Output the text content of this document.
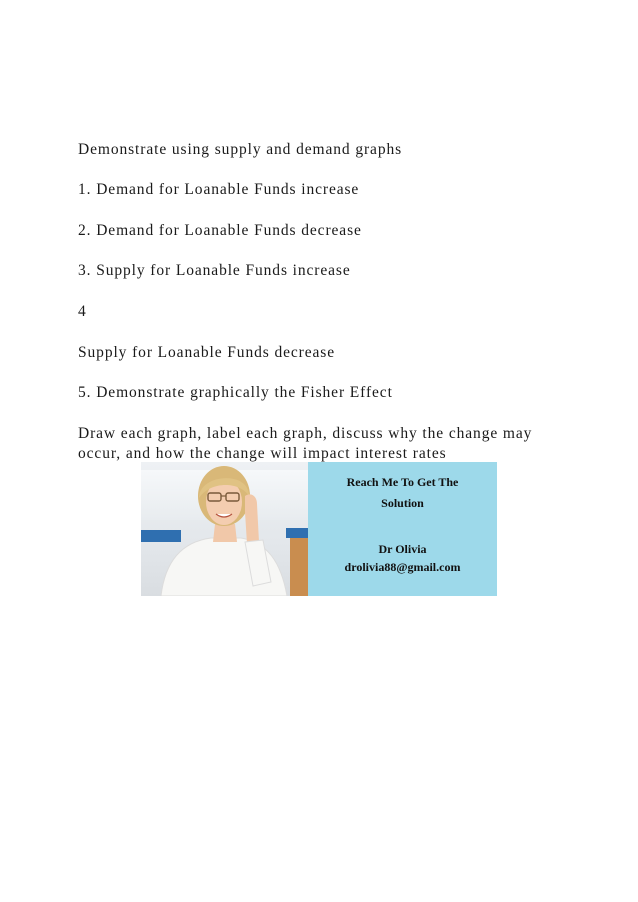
Demonstrate using supply and demand graphs
1. Demand for Loanable Funds increase
2. Demand for Loanable Funds decrease
3. Supply for Loanable Funds increase
4
Supply for Loanable Funds decrease
5. Demonstrate graphically the Fisher Effect
Draw each graph, label each graph, discuss why the change may occur, and how the change will impact interest rates
Reach Me To Get The
Solution
Dr Olivia
drolivia88@gmail.com
